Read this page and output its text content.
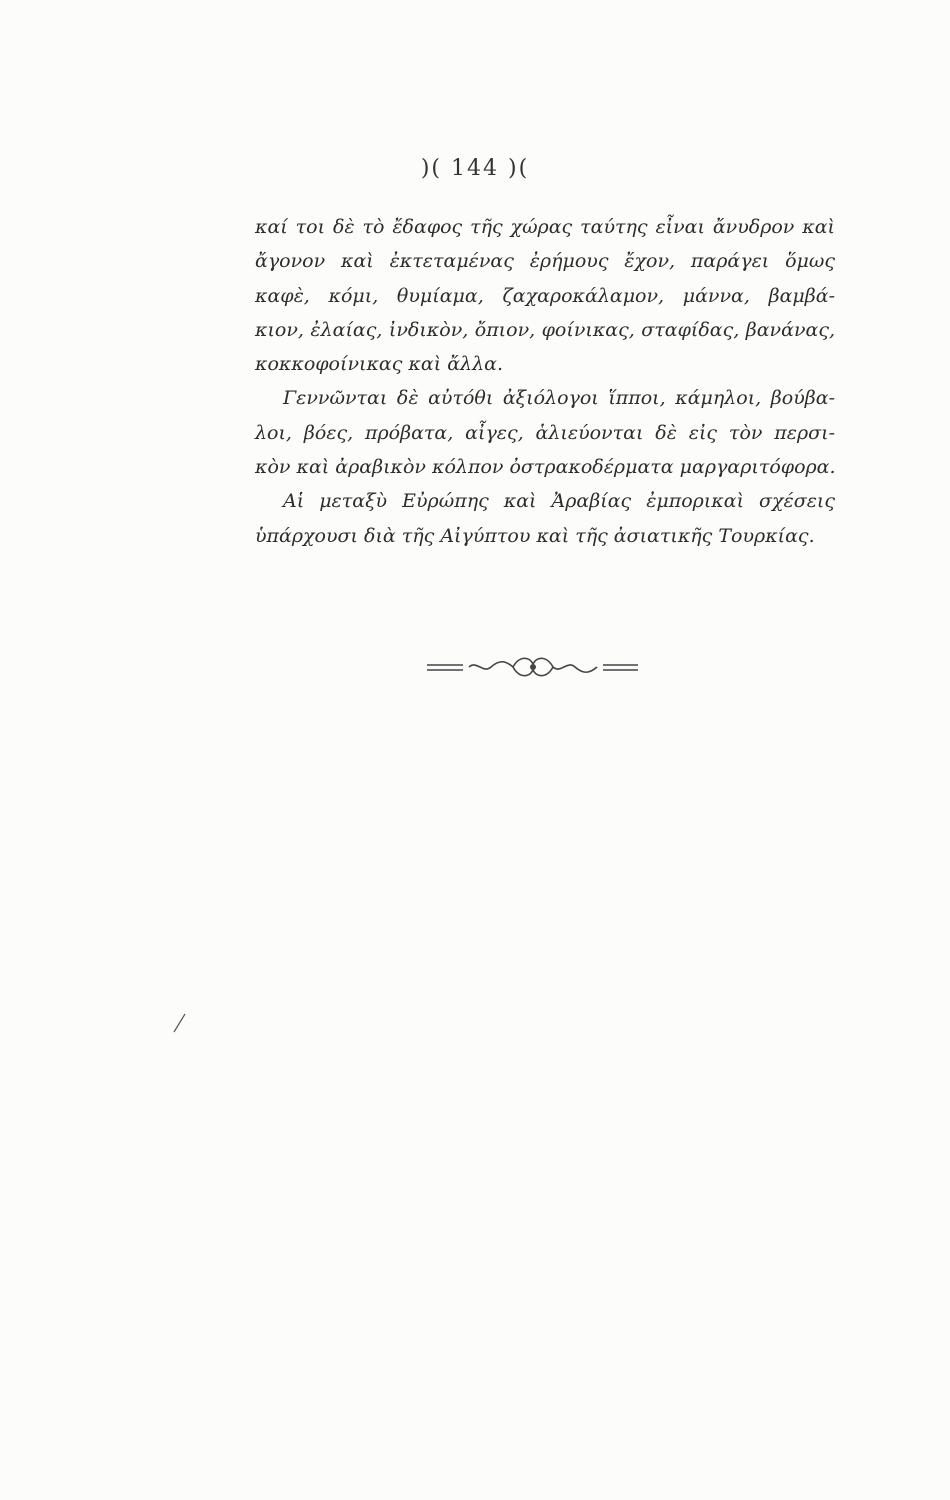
)( 144 )(
καί τοι δὲ τὸ ἔδαφος τῆς χώρας ταύτης εἶναι ἄνυδρον καὶ
ἄγονον καὶ ἐκτεταμένας ἐρήμους ἔχον, παράγει ὅμως
καφὲ, κόμι, θυμίαμα, ζαχαροκάλαμον, μάννα, βαμβά-
κιον, ἐλαίας, ἰνδικὸν, ὄπιον, φοίνικας, σταφίδας, βανάνας,
κοκκοφοίνικας καὶ ἄλλα.
Γεννῶνται δὲ αὐτόθι ἀξιόλογοι ἵπποι, κάμηλοι, βούβα-
λοι, βόες, πρόβατα, αἶγες, ἁλιεύονται δὲ εἰς τὸν περσι-
κὸν καὶ ἀραβικὸν κόλπον ὀστρακοδέρματα μαργαριτόφορα.
Αἱ μεταξὺ Εὐρώπης καὶ Ἀραβίας ἐμπορικαὶ σχέσεις
ὑπάρχουσι διὰ τῆς Αἰγύπτου καὶ τῆς ἀσιατικῆς Τουρκίας.
